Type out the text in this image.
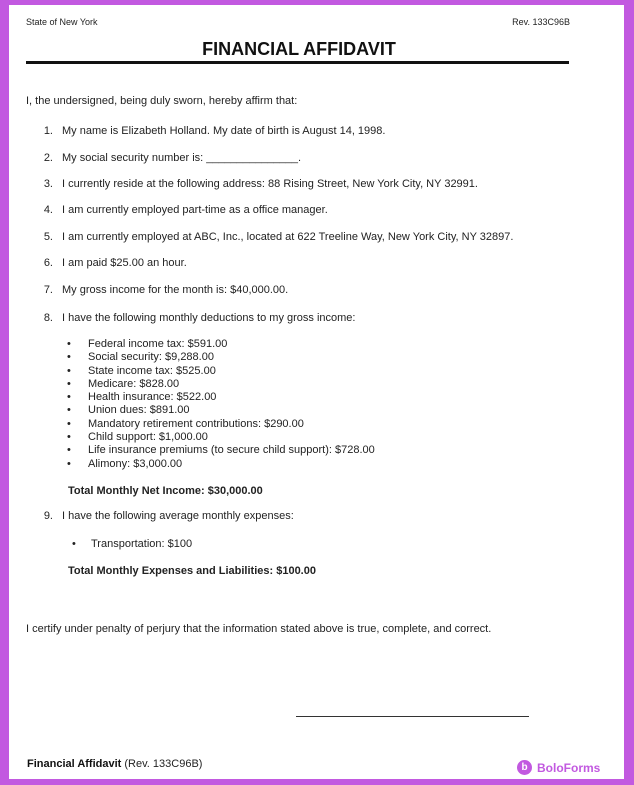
State of New York	Rev. 133C96B
FINANCIAL AFFIDAVIT
I, the undersigned, being duly sworn, hereby affirm that:
1. My name is Elizabeth Holland. My date of birth is August 14, 1998.
2. My social security number is: _______________.
3. I currently reside at the following address: 88 Rising Street, New York City, NY 32991.
4. I am currently employed part-time as a office manager.
5. I am currently employed at ABC, Inc., located at 622 Treeline Way, New York City, NY 32897.
6. I am paid $25.00 an hour.
7. My gross income for the month is: $40,000.00.
8. I have the following monthly deductions to my gross income:
• Federal income tax: $591.00
• Social security: $9,288.00
• State income tax: $525.00
• Medicare: $828.00
• Health insurance: $522.00
• Union dues: $891.00
• Mandatory retirement contributions: $290.00
• Child support: $1,000.00
• Life insurance premiums (to secure child support): $728.00
• Alimony: $3,000.00
Total Monthly Net Income: $30,000.00
9. I have the following average monthly expenses:
• Transportation: $100
Total Monthly Expenses and Liabilities: $100.00
I certify under penalty of perjury that the information stated above is true, complete, and correct.
Financial Affidavit (Rev. 133C96B)	b BoloForms
